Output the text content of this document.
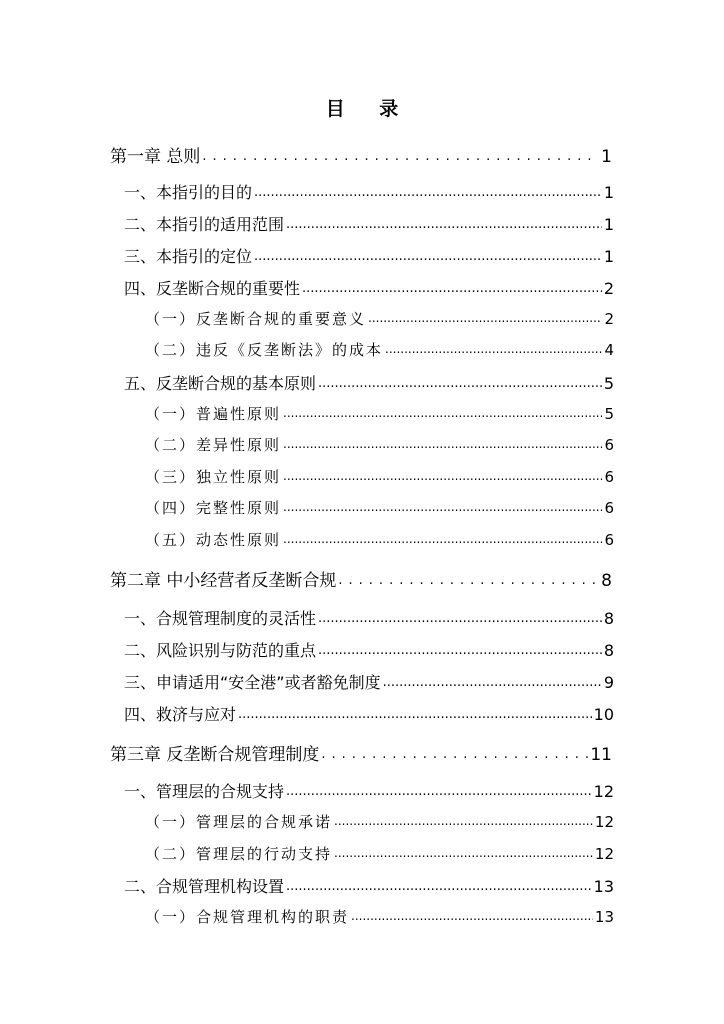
目 录
第一章 总则 .....	1
一、本指引的目的 .....	1
二、本指引的适用范围 .....	1
三、本指引的定位 .....	1
四、反垄断合规的重要性 .....	2
（一）反垄断合规的重要意义 .....	2
（二）违反《反垄断法》的成本 .....	4
五、反垄断合规的基本原则 .....	5
（一）普遍性原则 .....	5
（二）差异性原则 .....	6
（三）独立性原则 .....	6
（四）完整性原则 .....	6
（五）动态性原则 .....	6
第二章 中小经营者反垄断合规 .....	8
一、合规管理制度的灵活性 .....	8
二、风险识别与防范的重点 .....	8
三、申请适用“安全港”或者豁免制度 .....	9
四、救济与应对 .....	10
第三章 反垄断合规管理制度 .....	11
一、管理层的合规支持 .....	12
（一）管理层的合规承诺 .....	12
（二）管理层的行动支持 .....	12
二、合规管理机构设置 .....	13
（一）合规管理机构的职责 .....	13
